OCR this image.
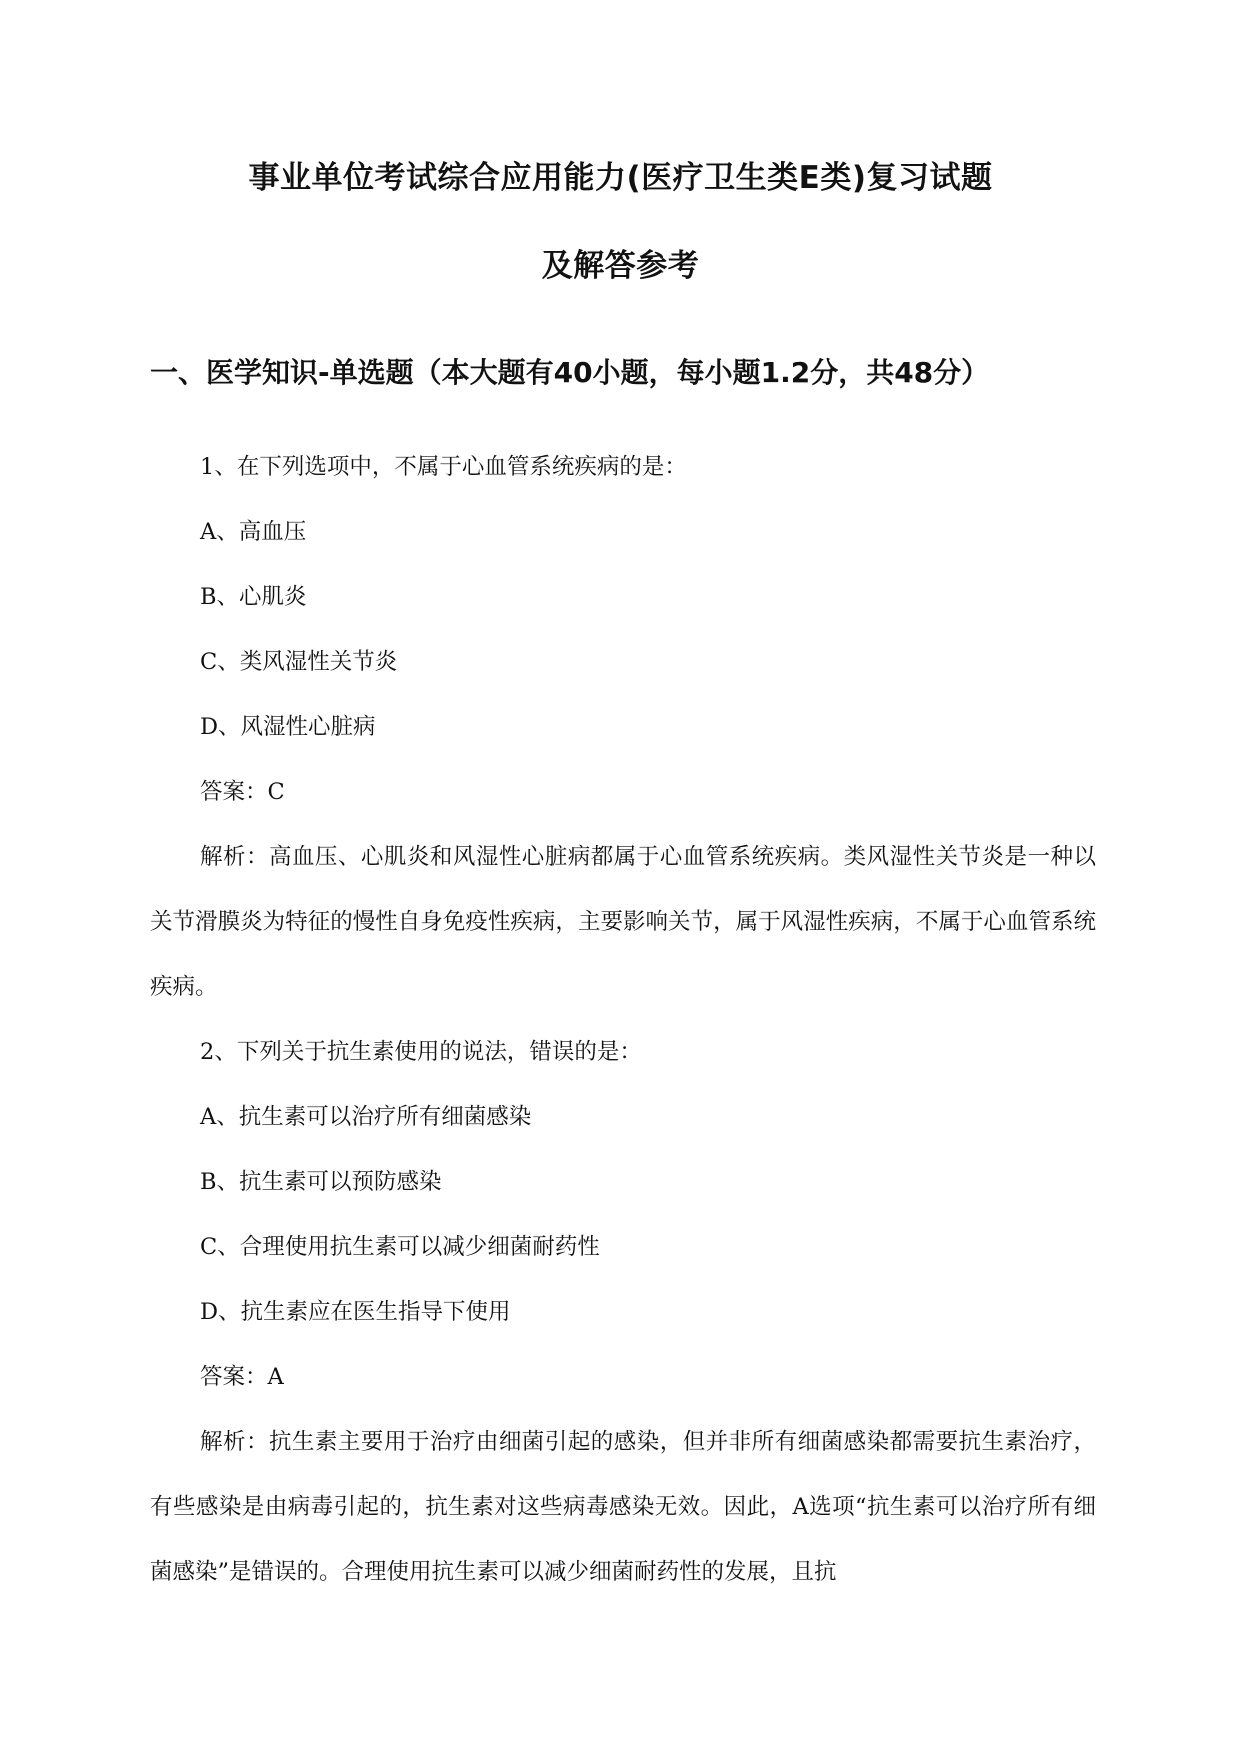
事业单位考试综合应用能力(医疗卫生类E类)复习试题
及解答参考
一、医学知识-单选题（本大题有40小题，每小题1.2分，共48分）

1、在下列选项中，不属于心血管系统疾病的是：

A、高血压

B、心肌炎

C、类风湿性关节炎

D、风湿性心脏病

答案：C

解析：高血压、心肌炎和风湿性心脏病都属于心血管系统疾病。类风湿性关节炎是一种以关节滑膜炎为特征的慢性自身免疫性疾病，主要影响关节，属于风湿性疾病，不属于心血管系统疾病。

2、下列关于抗生素使用的说法，错误的是：

A、抗生素可以治疗所有细菌感染

B、抗生素可以预防感染

C、合理使用抗生素可以减少细菌耐药性

D、抗生素应在医生指导下使用

答案：A

解析：抗生素主要用于治疗由细菌引起的感染，但并非所有细菌感染都需要抗生素治疗，有些感染是由病毒引起的，抗生素对这些病毒感染无效。因此，A选项“抗生素可以治疗所有细菌感染”是错误的。合理使用抗生素可以减少细菌耐药性的发展，且抗
